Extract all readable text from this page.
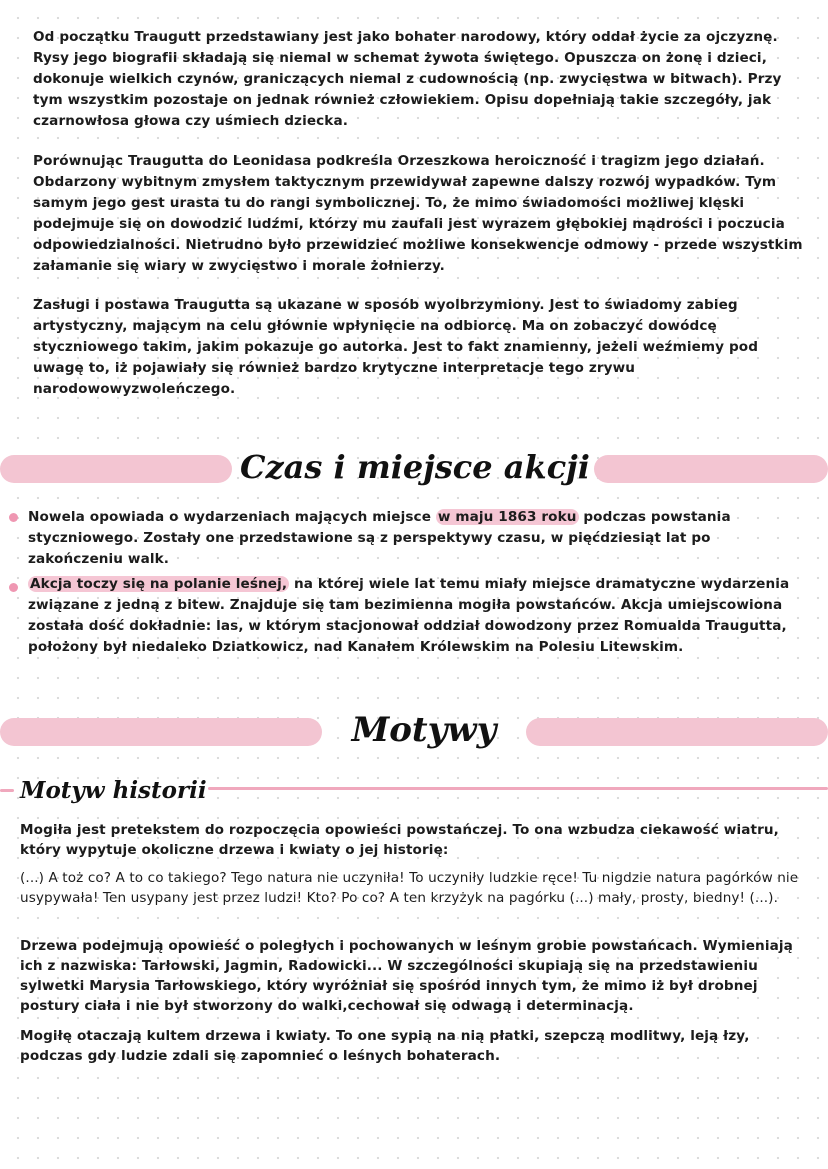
Od początku Traugutt przedstawiany jest jako bohater narodowy, który oddał życie za ojczyznę. Rysy jego biografii składają się niemal w schemat żywota świętego. Opuszcza on żonę i dzieci, dokonuje wielkich czynów, graniczących niemal z cudownością (np. zwycięstwa w bitwach). Przy tym wszystkim pozostaje on jednak również człowiekiem. Opisu dopełniają takie szczegóły, jak czarnowłosa głowa czy uśmiech dziecka.

Porównując Traugutta do Leonidasa podkreśla Orzeszkowa heroiczność i tragizm jego działań. Obdarzony wybitnym zmysłem taktycznym przewidywał zapewne dalszy rozwój wypadków. Tym samym jego gest urasta tu do rangi symbolicznej. To, że mimo świadomości możliwej klęski podejmuje się on dowodzić ludźmi, którzy mu zaufali jest wyrazem głębokiej mądrości i poczucia odpowiedzialności. Nietrudno było przewidzieć możliwe konsekwencje odmowy - przede wszystkim załamanie się wiary w zwycięstwo i morale żołnierzy.

Zasługi i postawa Traugutta są ukazane w sposób wyolbrzymiony. Jest to świadomy zabieg artystyczny, mającym na celu głównie wpłynięcie na odbiorcę. Ma on zobaczyć dowódcę styczniowego takim, jakim pokazuje go autorka. Jest to fakt znamienny, jeżeli weźmiemy pod uwagę to, iż pojawiały się również bardzo krytyczne interpretacje tego zrywu narodowowyzwoleńczego.

Czas i miejsce akcji

Nowela opowiada o wydarzeniach mających miejsce w maju 1863 roku podczas powstania styczniowego. Zostały one przedstawione są z perspektywy czasu, w pięćdziesiąt lat po zakończeniu walk.

Akcja toczy się na polanie leśnej, na której wiele lat temu miały miejsce dramatyczne wydarzenia związane z jedną z bitew. Znajduje się tam bezimienna mogiła powstańców. Akcja umiejscowiona została dość dokładnie: las, w którym stacjonował oddział dowodzony przez Romualda Traugutta, położony był niedaleko Dziatkowicz, nad Kanałem Królewskim na Polesiu Litewskim.

Motywy
Motyw historii

Mogiła jest pretekstem do rozpoczęcia opowieści powstańczej. To ona wzbudza ciekawość wiatru, który wypytuje okoliczne drzewa i kwiaty o jej historię:

(...) A toż co? A to co takiego? Tego natura nie uczyniła! To uczyniły ludzkie ręce! Tu nigdzie natura pagórków nie usypywała! Ten usypany jest przez ludzi! Kto? Po co? A ten krzyżyk na pagórku (...) mały, prosty, biedny! (...).

Drzewa podejmują opowieść o poległych i pochowanych w leśnym grobie powstańcach. Wymieniają ich z nazwiska: Tarłowski, Jagmin, Radowicki... W szczególności skupiają się na przedstawieniu sylwetki Marysia Tarłowskiego, który wyróżniał się spośród innych tym, że mimo iż był drobnej postury ciała i nie był stworzony do walki,cechował się odwagą i determinacją.

Mogiłę otaczają kultem drzewa i kwiaty. To one sypią na nią płatki, szepczą modlitwy, leją łzy, podczas gdy ludzie zdali się zapomnieć o leśnych bohaterach.
